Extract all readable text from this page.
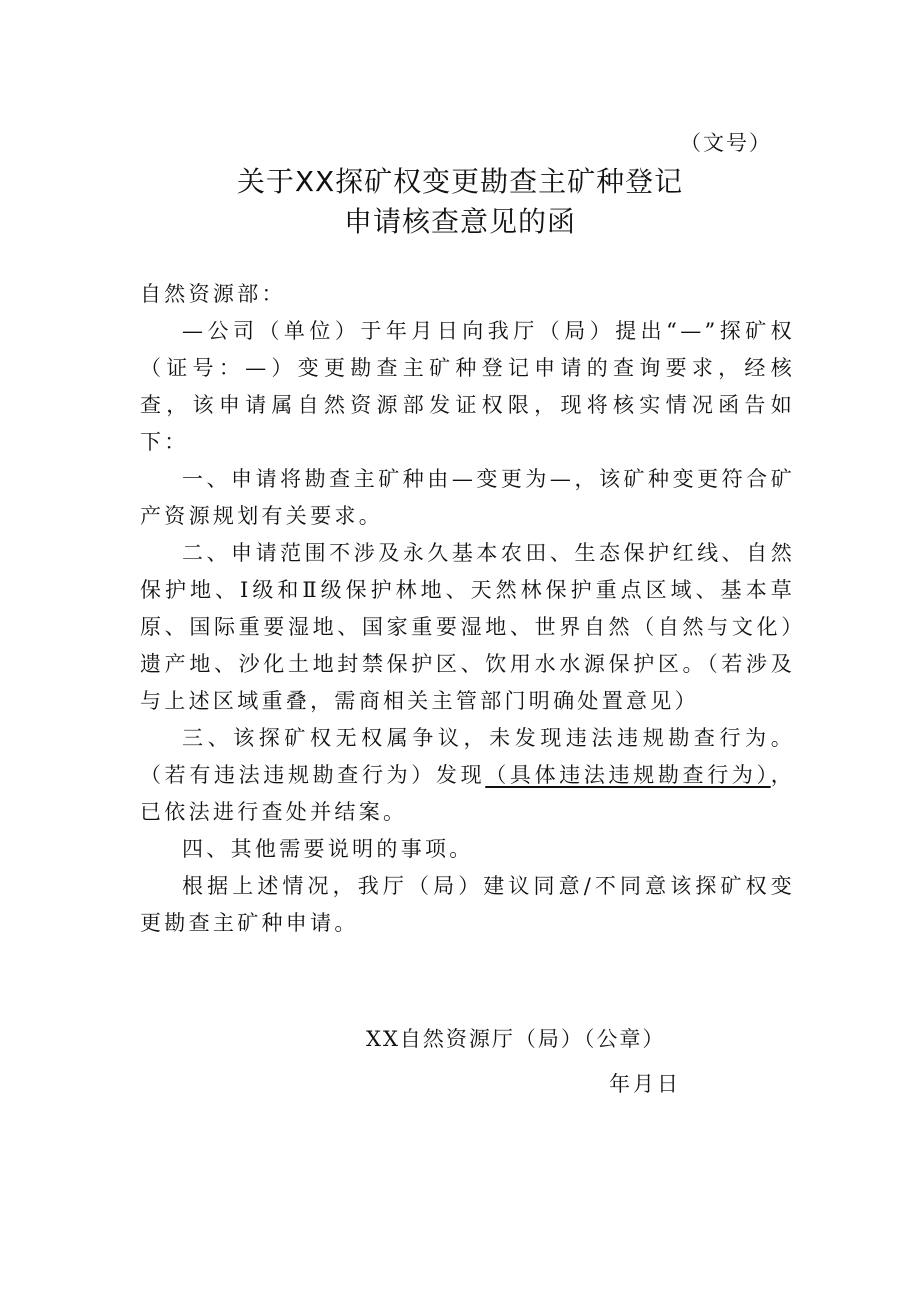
（文号）
关于XX探矿权变更勘查主矿种登记
申请核查意见的函

自然资源部：

—公司（单位）于年月日向我厅（局）提出“—”探矿权（证号：—）变更勘查主矿种登记申请的查询要求，经核查，该申请属自然资源部发证权限，现将核实情况函告如下：

一、申请将勘查主矿种由—变更为—，该矿种变更符合矿产资源规划有关要求。

二、申请范围不涉及永久基本农田、生态保护红线、自然保护地、Ⅰ级和Ⅱ级保护林地、天然林保护重点区域、基本草原、国际重要湿地、国家重要湿地、世界自然（自然与文化）遗产地、沙化土地封禁保护区、饮用水水源保护区。（若涉及与上述区域重叠，需商相关主管部门明确处置意见）

三、该探矿权无权属争议，未发现违法违规勘查行为。（若有违法违规勘查行为）发现（具体违法违规勘查行为），已依法进行查处并结案。

四、其他需要说明的事项。

根据上述情况，我厅（局）建议同意/不同意该探矿权变更勘查主矿种申请。

XX自然资源厅（局）（公章）
年月日
